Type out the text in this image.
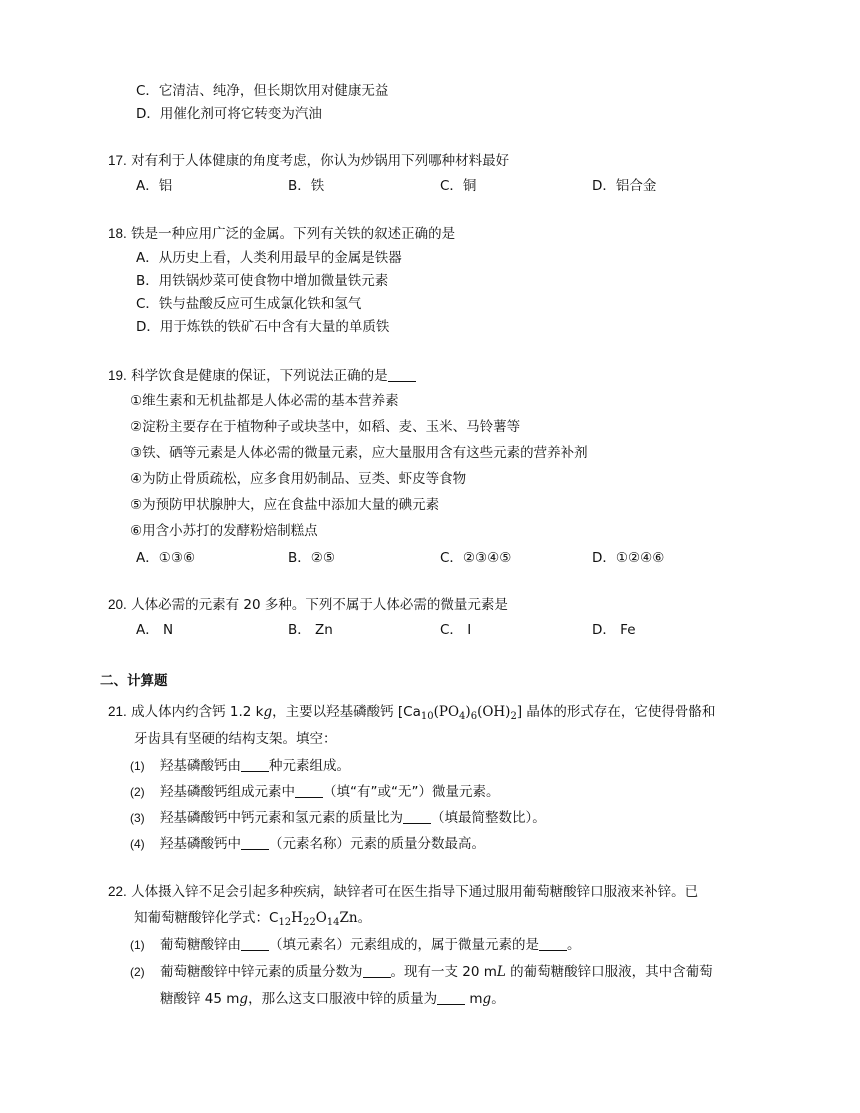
C．它清洁、纯净，但长期饮用对健康无益
D．用催化剂可将它转变为汽油
17. 对有利于人体健康的角度考虑，你认为炒锅用下列哪种材料最好
A．铝	B．铁	C．铜	D．铝合金
18. 铁是一种应用广泛的金属。下列有关铁的叙述正确的是
A．从历史上看，人类利用最早的金属是铁器
B．用铁锅炒菜可使食物中增加微量铁元素
C．铁与盐酸反应可生成氯化铁和氢气
D．用于炼铁的铁矿石中含有大量的单质铁
19. 科学饮食是健康的保证，下列说法正确的是
①维生素和无机盐都是人体必需的基本营养素
②淀粉主要存在于植物种子或块茎中，如稻、麦、玉米、马铃薯等
③铁、硒等元素是人体必需的微量元素，应大量服用含有这些元素的营养补剂
④为防止骨质疏松，应多食用奶制品、豆类、虾皮等食物
⑤为预防甲状腺肿大，应在食盐中添加大量的碘元素
⑥用含小苏打的发酵粉焙制糕点
A．①③⑥	B．②⑤	C．②③④⑤	D．①②④⑥
20. 人体必需的元素有 20 多种。下列不属于人体必需的微量元素是
A． N	B． Zn	C． I	D． Fe
二、计算题
21. 成人体内约含钙 1.2 kg，主要以羟基磷酸钙 $[Ca_{10}(PO_4)_6(OH)_2]$ 晶体的形式存在，它使得骨骼和
牙齿具有坚硬的结构支架。填空：
(1) 羟基磷酸钙由 种元素组成。
(2) 羟基磷酸钙组成元素中 （填“有”或“无”）微量元素。
(3) 羟基磷酸钙中钙元素和氢元素的质量比为 （填最简整数比）。
(4) 羟基磷酸钙中 （元素名称）元素的质量分数最高。
22. 人体摄入锌不足会引起多种疾病，缺锌者可在医生指导下通过服用葡萄糖酸锌口服液来补锌。已
知葡萄糖酸锌化学式：$C_{12}H_{22}O_{14}Zn$。
(1) 葡萄糖酸锌由 （填元素名）元素组成的，属于微量元素的是 。
(2) 葡萄糖酸锌中锌元素的质量分数为 。现有一支 20 mL 的葡萄糖酸锌口服液，其中含葡萄
糖酸锌 45 mg，那么这支口服液中锌的质量为 mg。
